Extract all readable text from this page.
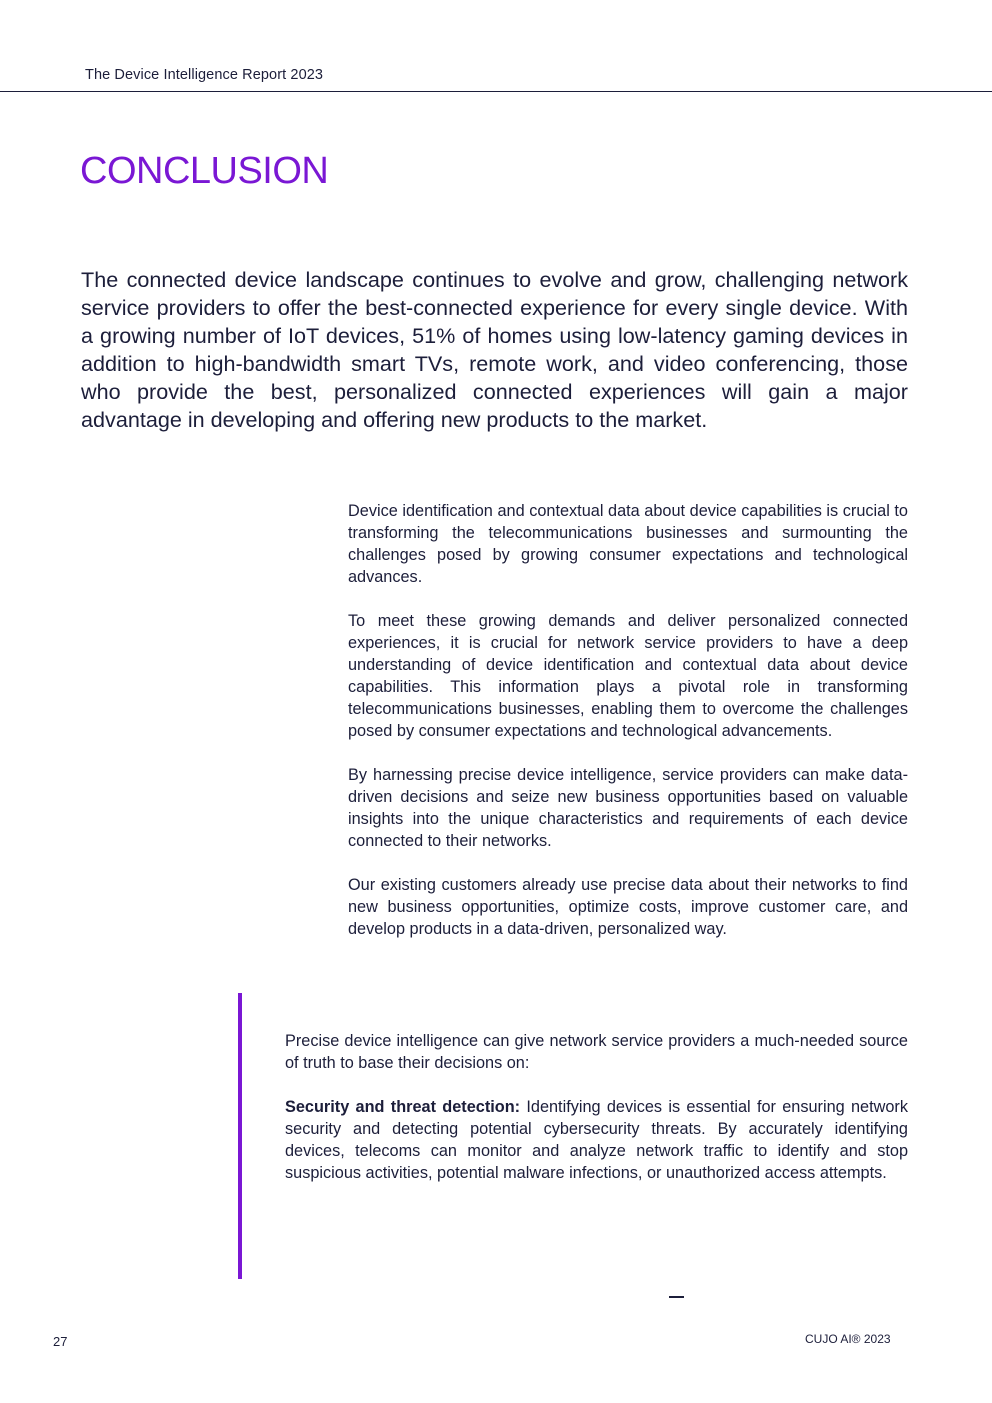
The Device Intelligence Report 2023
CONCLUSION

The connected device landscape continues to evolve and grow, challenging network service providers to offer the best-connected experience for every single device. With a growing number of IoT devices, 51% of homes using low-latency gaming devices in addition to high-bandwidth smart TVs, remote work, and video conferencing, those who provide the best, personalized connected experiences will gain a major advantage in developing and offering new products to the market.

Device identification and contextual data about device capabilities is crucial to transforming the telecommunications businesses and surmounting the challenges posed by growing consumer expectations and technological advances.

To meet these growing demands and deliver personalized connected experiences, it is crucial for network service providers to have a deep understanding of device identification and contextual data about device capabilities. This information plays a pivotal role in transforming telecommunications businesses, enabling them to overcome the challenges posed by consumer expectations and technological advancements.

By harnessing precise device intelligence, service providers can make data-driven decisions and seize new business opportunities based on valuable insights into the unique characteristics and requirements of each device connected to their networks.

Our existing customers already use precise data about their networks to find new business opportunities, optimize costs, improve customer care, and develop products in a data-driven, personalized way.

Precise device intelligence can give network service providers a much-needed source of truth to base their decisions on:

Security and threat detection: Identifying devices is essential for ensuring network security and detecting potential cybersecurity threats. By accurately identifying devices, telecoms can monitor and analyze network traffic to identify and stop suspicious activities, potential malware infections, or unauthorized access attempts.

27	CUJO AI® 2023
